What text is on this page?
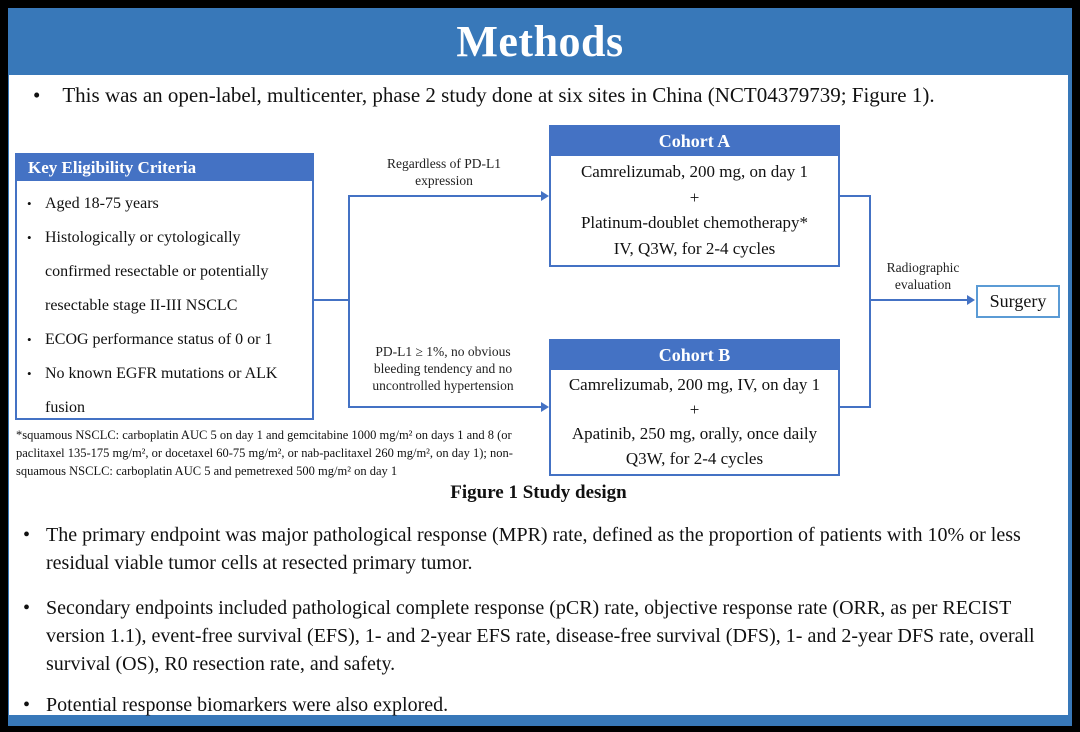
Methods
• This was an open-label, multicenter, phase 2 study done at six sites in China (NCT04379739; Figure 1).
Key Eligibility Criteria
• Aged 18-75 years
• Histologically or cytologically confirmed resectable or potentially resectable stage II-III NSCLC
• ECOG performance status of 0 or 1
• No known EGFR mutations or ALK fusion
Regardless of PD-L1 expression
PD-L1 ≥ 1%, no obvious bleeding tendency and no uncontrolled hypertension
Cohort A
Camrelizumab, 200 mg, on day 1
+
Platinum-doublet chemotherapy*
IV, Q3W, for 2-4 cycles
Cohort B
Camrelizumab, 200 mg, IV, on day 1
+
Apatinib, 250 mg, orally, once daily
Q3W, for 2-4 cycles
Radiographic evaluation
Surgery
*squamous NSCLC: carboplatin AUC 5 on day 1 and gemcitabine 1000 mg/m² on days 1 and 8 (or paclitaxel 135-175 mg/m², or docetaxel 60-75 mg/m², or nab-paclitaxel 260 mg/m², on day 1); non-squamous NSCLC: carboplatin AUC 5 and pemetrexed 500 mg/m² on day 1
Figure 1 Study design
• The primary endpoint was major pathological response (MPR) rate, defined as the proportion of patients with 10% or less residual viable tumor cells at resected primary tumor.
• Secondary endpoints included pathological complete response (pCR) rate, objective response rate (ORR, as per RECIST version 1.1), event-free survival (EFS), 1- and 2-year EFS rate, disease-free survival (DFS), 1- and 2-year DFS rate, overall survival (OS), R0 resection rate, and safety.
• Potential response biomarkers were also explored.
